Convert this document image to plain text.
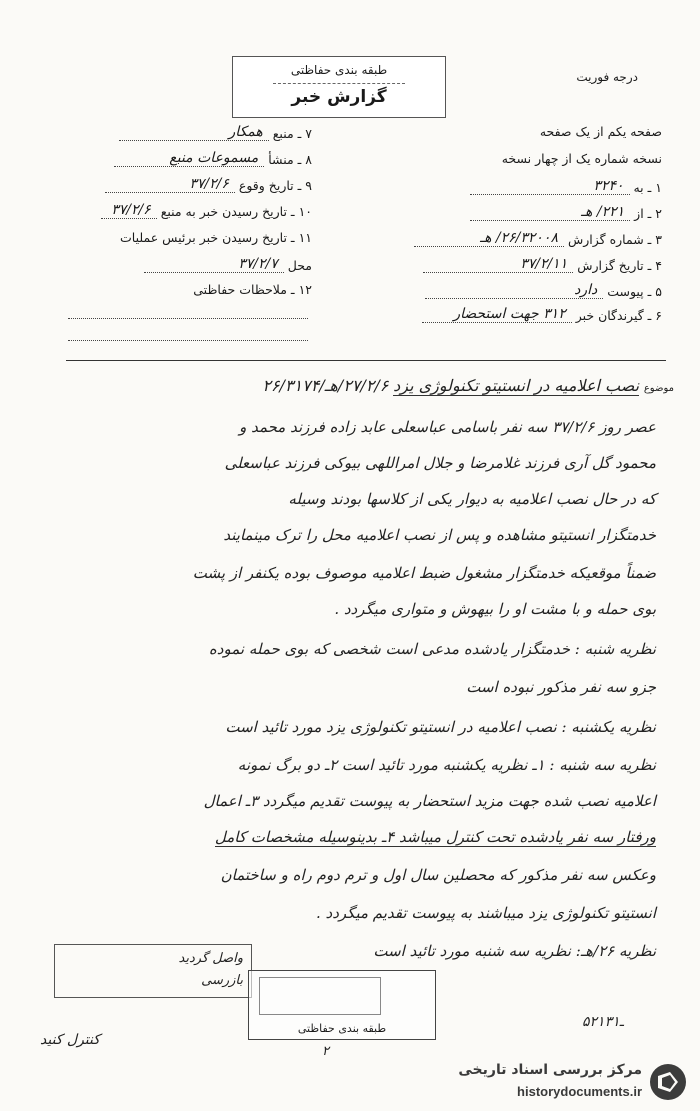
طبقه بندی حفاظتی
گزارش خبر
درجه فوریت
صفحه یکم از یک صفحه
نسخه شماره یک از چهار نسخه
۱ ـ به ۳۲۴۰
۲ ـ از ۲۲۱/ هـ
۳ ـ شماره گزارش ۲۶/۳۲۰۰۸/ هـ
۴ ـ تاریخ گزارش ۳۷/۲/۱۱
۵ ـ پیوست دارد
۶ ـ گیرندگان خبر ۳۱۲ جهت استحضار
۷ ـ منبع همکار
۸ ـ منشأ مسموعات منبع
۹ ـ تاریخ وقوع ۳۷/۲/۶
۱۰ ـ تاریخ رسیدن خبر به منبع ۳۷/۲/۶
۱۱ ـ تاریخ رسیدن خبر برئیس عملیات
محل ۳۷/۲/۷
۱۲ ـ ملاحظات حفاظتی
موضوع نصب اعلامیه در انستیتو تکنولوژی یزد ۲۷/۲/۶/هـ/۲۶/۳۱۷۴
عصر روز ۳۷/۲/۶ سه نفر باسامی عباسعلی عابد زاده فرزند محمد و
محمود گل آری فرزند غلامرضا و جلال امراللهی بیوکی فرزند عباسعلی
که در حال نصب اعلامیه به دیوار یکی از کلاسها بودند وسیله
خدمتگزار انستیتو مشاهده و پس از نصب اعلامیه محل را ترک مینمایند
ضمناً موقعیکه خدمتگزار مشغول ضبط اعلامیه موصوف بوده یکنفر از پشت
بوی حمله و با مشت او را بیهوش و متواری میگردد .
نظریه شنبه : خدمتگزار یادشده مدعی است شخصی که بوی حمله نموده
جزو سه نفر مذکور نبوده است
نظریه یکشنبه : نصب اعلامیه در انستیتو تکنولوژی یزد مورد تائید است
نظریه سه شنبه : ۱ـ نظریه یکشنبه مورد تائید است ۲ـ دو برگ نمونه
اعلامیه نصب شده جهت مزید استحضار به پیوست تقدیم میگردد ۳ـ اعمال
ورفتار سه نفر یادشده تحت کنترل میباشد ۴ـ بدینوسیله مشخصات کامل
وعکس سه نفر مذکور که محصلین سال اول و ترم دوم راه و ساختمان
انستیتو تکنولوژی یزد میباشند به پیوست تقدیم میگردد .
نظریه ۲۶/هـ: نظریه سه شنبه مورد تائید است
واصل گردید
بازرسی
کنترل کنید
طبقه بندی حفاظتی
۲
۵۲ـ۱۳۱
مرکز بررسی اسناد تاریخی
historydocuments.ir
